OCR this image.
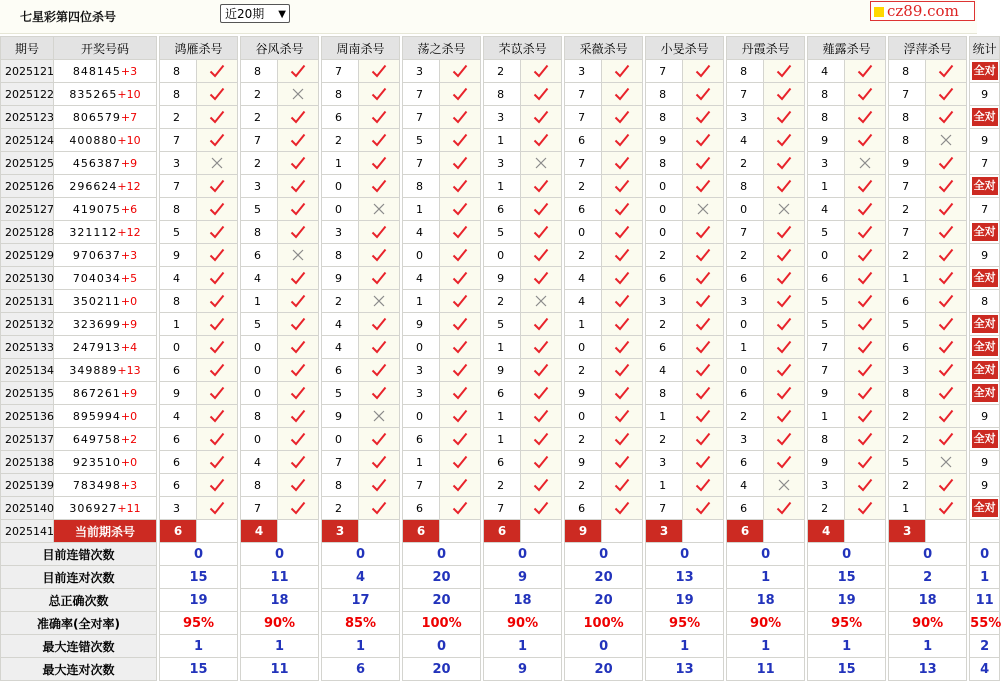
七星彩第四位杀号	近20期 ▼	cz89.com
期号	开奖号码		鸿雁杀号			谷风杀号			周南杀号			荡之杀号			芣苡杀号			采薇杀号			小旻杀号			丹霞杀号			薤露杀号			浮萍杀号			统计
2025121	848145+3		8			8			7			3			2			3			7			8			4			8			全对
2025122	835265+10		8			2			8			7			8			7			8			7			8			7			9
2025123	806579+7		2			2			6			7			3			7			8			3			8			8			全对
2025124	400880+10		7			7			2			5			1			6			9			4			9			8			9
2025125	456387+9		3			2			1			7			3			7			8			2			3			9			7
2025126	296624+12		7			3			0			8			1			2			0			8			1			7			全对
2025127	419075+6		8			5			0			1			6			6			0			0			4			2			7
2025128	321112+12		5			8			3			4			5			0			0			7			5			7			全对
2025129	970637+3		9			6			8			0			0			2			2			2			0			2			9
2025130	704034+5		4			4			9			4			9			4			6			6			6			1			全对
2025131	350211+0		8			1			2			1			2			4			3			3			5			6			8
2025132	323699+9		1			5			4			9			5			1			2			0			5			5			全对
2025133	247913+4		0			0			4			0			1			0			6			1			7			6			全对
2025134	349889+13		6			0			6			3			9			2			4			0			7			3			全对
2025135	867261+9		9			0			5			3			6			9			8			6			9			8			全对
2025136	895994+0		4			8			9			0			1			0			1			2			1			2			9
2025137	649758+2		6			0			0			6			1			2			2			3			8			2			全对
2025138	923510+0		6			4			7			1			6			9			3			6			9			5			9
2025139	783498+3		6			8			8			7			2			2			1			4			3			2			9
2025140	306927+11		3			7			2			6			7			6			7			6			2			1			全对
2025141	当前期杀号		6			4			3			6			6			9			3			6			4			3			
目前连错次数			0			0			0			0			0			0			0			0			0			0			0
目前连对次数			15			11			4			20			9			20			13			1			15			2			1
总正确次数			19			18			17			20			18			20			19			18			19			18			11
准确率(全对率)			95%			90%			85%			100%			90%			100%			95%			90%			95%			90%			55%
最大连错次数			1			1			1			0			1			0			1			1			1			1			2
最大连对次数			15			11			6			20			9			20			13			11			15			13			4
